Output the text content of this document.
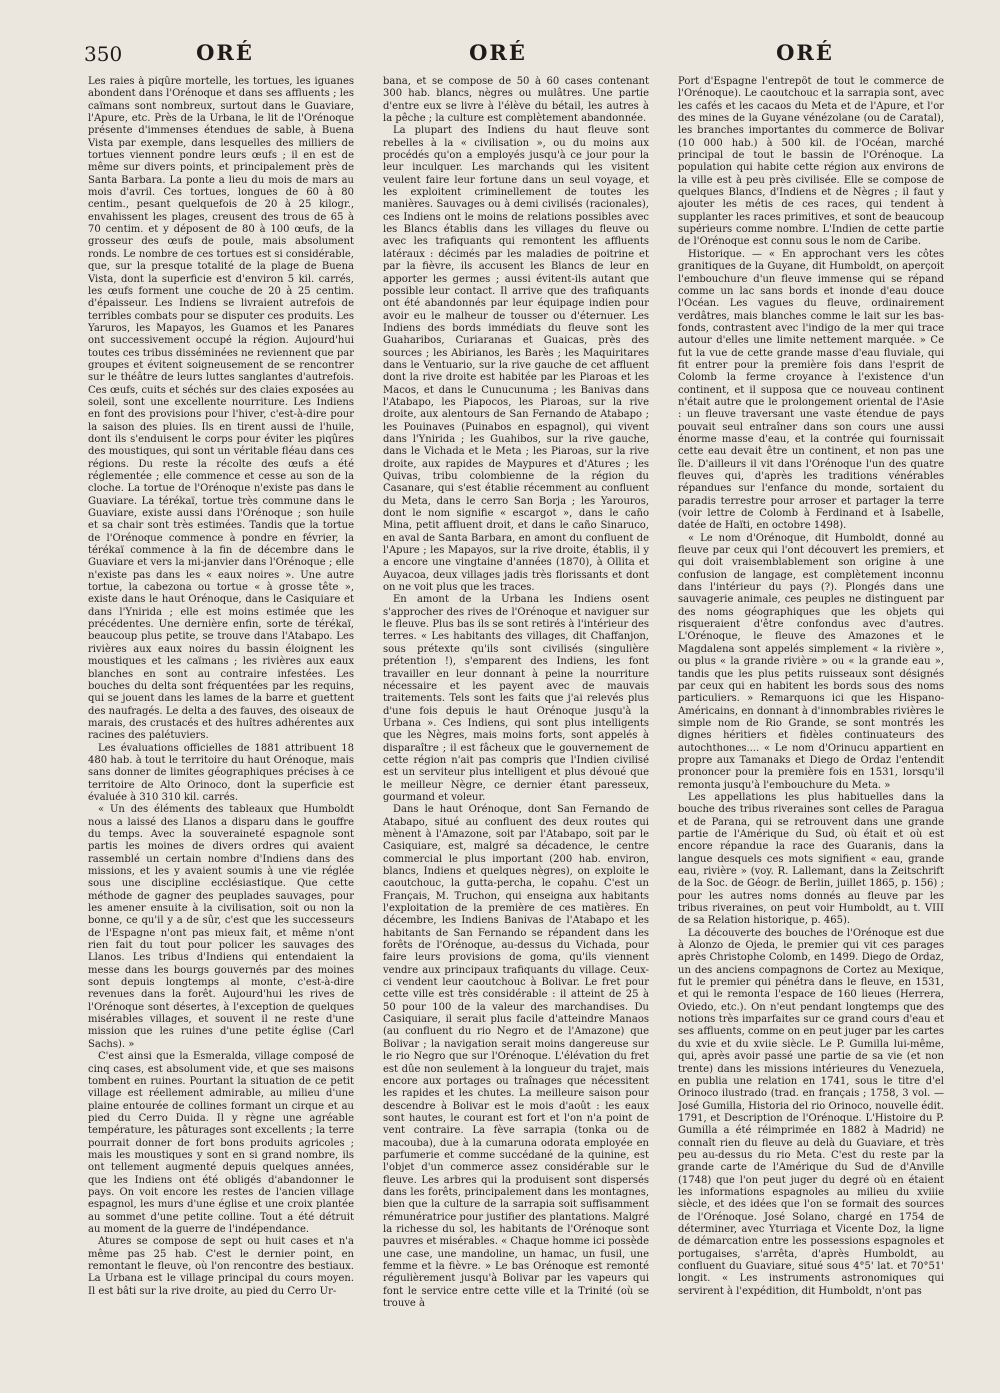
350	ORÉ	ORÉ	ORÉ

Les raies à piqûre mortelle, les tortues, les iguanes abondent dans l'Orénoque et dans ses affluents ; les caïmans sont nombreux, surtout dans le Guaviare, l'Apure, etc. Près de la Urbana, le lit de l'Orénoque présente d'immenses étendues de sable, à Buena Vista par exemple, dans lesquelles des milliers de tortues viennent pondre leurs œufs ; il en est de même sur divers points, et principalement près de Santa Barbara. La ponte a lieu du mois de mars au mois d'avril. Ces tortues, longues de 60 à 80 centim., pesant quelquefois de 20 à 25 kilogr., envahissent les plages, creusent des trous de 65 à 70 centim. et y déposent de 80 à 100 œufs, de la grosseur des œufs de poule, mais absolument ronds. Le nombre de ces tortues est si considérable, que, sur la presque totalité de la plage de Buena Vista, dont la superficie est d'environ 5 kil. carrés, les œufs forment une couche de 20 à 25 centim. d'épaisseur. Les Indiens se livraient autrefois de terribles combats pour se disputer ces produits. Les Yaruros, les Mapayos, les Guamos et les Panares ont successivement occupé la région. Aujourd'hui toutes ces tribus disséminées ne reviennent que par groupes et évitent soigneusement de se rencontrer sur le théâtre de leurs luttes sanglantes d'autrefois. Ces œufs, cuits et séchés sur des claies exposées au soleil, sont une excellente nourriture. Les Indiens en font des provisions pour l'hiver, c'est-à-dire pour la saison des pluies. Ils en tirent aussi de l'huile, dont ils s'enduisent le corps pour éviter les piqûres des moustiques, qui sont un véritable fléau dans ces régions. Du reste la récolte des œufs a été réglementée ; elle commence et cesse au son de la cloche. La tortue de l'Orénoque n'existe pas dans le Guaviare. La térékaï, tortue très commune dans le Guaviare, existe aussi dans l'Orénoque ; son huile et sa chair sont très estimées. Tandis que la tortue de l'Orénoque commence à pondre en février, la térékaï commence à la fin de décembre dans le Guaviare et vers la mi-janvier dans l'Orénoque ; elle n'existe pas dans les « eaux noires ». Une autre tortue, la cabezona ou tortue « à grosse tête », existe dans le haut Orénoque, dans le Casiquiare et dans l'Ynirida ; elle est moins estimée que les précédentes. Une dernière enfin, sorte de térékaï, beaucoup plus petite, se trouve dans l'Atabapo. Les rivières aux eaux noires du bassin éloignent les moustiques et les caïmans ; les rivières aux eaux blanches en sont au contraire infestées. Les bouches du delta sont fréquentées par les requins, qui se jouent dans les lames de la barre et guettent des naufragés. Le delta a des fauves, des oiseaux de marais, des crustacés et des huîtres adhérentes aux racines des palétuviers.

Les évaluations officielles de 1881 attribuent 18 480 hab. à tout le territoire du haut Orénoque, mais sans donner de limites géographiques précises à ce territoire de Alto Orinoco, dont la superficie est évaluée à 310 310 kil. carrés.

« Un des éléments des tableaux que Humboldt nous a laissé des Llanos a disparu dans le gouffre du temps. Avec la souveraineté espagnole sont partis les moines de divers ordres qui avaient rassemblé un certain nombre d'Indiens dans des missions, et les y avaient soumis à une vie réglée sous une discipline ecclésiastique. Que cette méthode de gagner des peuplades sauvages, pour les amener ensuite à la civilisation, soit ou non la bonne, ce qu'il y a de sûr, c'est que les successeurs de l'Espagne n'ont pas mieux fait, et même n'ont rien fait du tout pour policer les sauvages des Llanos. Les tribus d'Indiens qui entendaient la messe dans les bourgs gouvernés par des moines sont depuis longtemps al monte, c'est-à-dire revenues dans la forêt. Aujourd'hui les rives de l'Orénoque sont désertes, à l'exception de quelques misérables villages, et souvent il ne reste d'une mission que les ruines d'une petite église (Carl Sachs). »

C'est ainsi que la Esmeralda, village composé de cinq cases, est absolument vide, et que ses maisons tombent en ruines. Pourtant la situation de ce petit village est réellement admirable, au milieu d'une plaine entourée de collines formant un cirque et au pied du Cerro Duida. Il y règne une agréable température, les pâturages sont excellents ; la terre pourrait donner de fort bons produits agricoles ; mais les moustiques y sont en si grand nombre, ils ont tellement augmenté depuis quelques années, que les Indiens ont été obligés d'abandonner le pays. On voit encore les restes de l'ancien village espagnol, les murs d'une église et une croix plantée au sommet d'une petite colline. Tout a été détruit au moment de la guerre de l'indépendance.

Atures se compose de sept ou huit cases et n'a même pas 25 hab. C'est le dernier point, en remontant le fleuve, où l'on rencontre des bestiaux. La Urbana est le village principal du cours moyen. Il est bâti sur la rive droite, au pied du Cerro Ur-

bana, et se compose de 50 à 60 cases contenant 300 hab. blancs, nègres ou mulâtres. Une partie d'entre eux se livre à l'élève du bétail, les autres à la pêche ; la culture est complètement abandonnée.

La plupart des Indiens du haut fleuve sont rebelles à la « civilisation », ou du moins aux procédés qu'on a employés jusqu'à ce jour pour la leur inculquer. Les marchands qui les visitent veulent faire leur fortune dans un seul voyage, et les exploitent criminellement de toutes les manières. Sauvages ou à demi civilisés (racionales), ces Indiens ont le moins de relations possibles avec les Blancs établis dans les villages du fleuve ou avec les trafiquants qui remontent les affluents latéraux : décimés par les maladies de poitrine et par la fièvre, ils accusent les Blancs de leur en apporter les germes ; aussi évitent-ils autant que possible leur contact. Il arrive que des trafiquants ont été abandonnés par leur équipage indien pour avoir eu le malheur de tousser ou d'éternuer. Les Indiens des bords immédiats du fleuve sont les Guaharibos, Curiaranas et Guaicas, près des sources ; les Abirianos, les Barès ; les Maquiritares dans le Ventuario, sur la rive gauche de cet affluent dont la rive droite est habitée par les Piaroas et les Macos, et dans le Cunucunuma ; les Banivas dans l'Atabapo, les Piapocos, les Piaroas, sur la rive droite, aux alentours de San Fernando de Atabapo ; les Pouinaves (Puinabos en espagnol), qui vivent dans l'Ynirida ; les Guahibos, sur la rive gauche, dans le Vichada et le Meta ; les Piaroas, sur la rive droite, aux rapides de Maypures et d'Atures ; les Quivas, tribu colombienne de la région du Casanare, qui s'est établie récemment au confluent du Meta, dans le cerro San Borja ; les Yarouros, dont le nom signifie « escargot », dans le caño Mina, petit affluent droit, et dans le caño Sinaruco, en aval de Santa Barbara, en amont du confluent de l'Apure ; les Mapayos, sur la rive droite, établis, il y a encore une vingtaine d'années (1870), à Ollita et Auyacoa, deux villages jadis très florissants et dont on ne voit plus que les traces.

En amont de la Urbana les Indiens osent s'approcher des rives de l'Orénoque et naviguer sur le fleuve. Plus bas ils se sont retirés à l'intérieur des terres. « Les habitants des villages, dit Chaffanjon, sous prétexte qu'ils sont civilisés (singulière prétention !), s'emparent des Indiens, les font travailler en leur donnant à peine la nourriture nécessaire et les payent avec de mauvais traitements. Tels sont les faits que j'ai relevés plus d'une fois depuis le haut Orénoque jusqu'à la Urbana ». Ces Indiens, qui sont plus intelligents que les Nègres, mais moins forts, sont appelés à disparaître ; il est fâcheux que le gouvernement de cette région n'ait pas compris que l'Indien civilisé est un serviteur plus intelligent et plus dévoué que le meilleur Nègre, ce dernier étant paresseux, gourmand et voleur.

Dans le haut Orénoque, dont San Fernando de Atabapo, situé au confluent des deux routes qui mènent à l'Amazone, soit par l'Atabapo, soit par le Casiquiare, est, malgré sa décadence, le centre commercial le plus important (200 hab. environ, blancs, Indiens et quelques nègres), on exploite le caoutchouc, la gutta-percha, le copahu. C'est un Français, M. Truchon, qui enseigna aux habitants l'exploitation de la première de ces matières. En décembre, les Indiens Banivas de l'Atabapo et les habitants de San Fernando se répandent dans les forêts de l'Orénoque, au-dessus du Vichada, pour faire leurs provisions de goma, qu'ils viennent vendre aux principaux trafiquants du village. Ceux-ci vendent leur caoutchouc à Bolivar. Le fret pour cette ville est très considérable : il atteint de 25 à 50 pour 100 de la valeur des marchandises. Du Casiquiare, il serait plus facile d'atteindre Manaos (au confluent du rio Negro et de l'Amazone) que Bolivar ; la navigation serait moins dangereuse sur le rio Negro que sur l'Orénoque. L'élévation du fret est dûe non seulement à la longueur du trajet, mais encore aux portages ou traînages que nécessitent les rapides et les chutes. La meilleure saison pour descendre à Bolivar est le mois d'août : les eaux sont hautes, le courant est fort et l'on n'a point de vent contraire. La fève sarrapia (tonka ou de macouba), due à la cumaruna odorata employée en parfumerie et comme succédané de la quinine, est l'objet d'un commerce assez considérable sur le fleuve. Les arbres qui la produisent sont dispersés dans les forêts, principalement dans les montagnes, bien que la culture de la sarrapia soit suffisamment rémunératrice pour justifier des plantations. Malgré la richesse du sol, les habitants de l'Orénoque sont pauvres et misérables. « Chaque homme ici possède une case, une mandoline, un hamac, un fusil, une femme et la fièvre. » Le bas Orénoque est remonté régulièrement jusqu'à Bolivar par les vapeurs qui font le service entre cette ville et la Trinité (où se trouve à

Port d'Espagne l'entrepôt de tout le commerce de l'Orénoque). Le caoutchouc et la sarrapia sont, avec les cafés et les cacaos du Meta et de l'Apure, et l'or des mines de la Guyane vénézolane (ou de Caratal), les branches importantes du commerce de Bolivar (10 000 hab.) à 500 kil. de l'Océan, marché principal de tout le bassin de l'Orénoque. La population qui habite cette région aux environs de la ville est à peu près civilisée. Elle se compose de quelques Blancs, d'Indiens et de Nègres ; il faut y ajouter les métis de ces races, qui tendent à supplanter les races primitives, et sont de beaucoup supérieurs comme nombre. L'Indien de cette partie de l'Orénoque est connu sous le nom de Caribe.

Historique. — « En approchant vers les côtes granitiques de la Guyane, dit Humboldt, on aperçoit l'embouchure d'un fleuve immense qui se répand comme un lac sans bords et inonde d'eau douce l'Océan. Les vagues du fleuve, ordinairement verdâtres, mais blanches comme le lait sur les bas-fonds, contrastent avec l'indigo de la mer qui trace autour d'elles une limite nettement marquée. » Ce fut la vue de cette grande masse d'eau fluviale, qui fit entrer pour la première fois dans l'esprit de Colomb la ferme croyance à l'existence d'un continent, et il supposa que ce nouveau continent n'était autre que le prolongement oriental de l'Asie : un fleuve traversant une vaste étendue de pays pouvait seul entraîner dans son cours une aussi énorme masse d'eau, et la contrée qui fournissait cette eau devait être un continent, et non pas une île. D'ailleurs il vit dans l'Orénoque l'un des quatre fleuves qui, d'après les traditions vénérables répandues sur l'enfance du monde, sortaient du paradis terrestre pour arroser et partager la terre (voir lettre de Colomb à Ferdinand et à Isabelle, datée de Haïti, en octobre 1498).

« Le nom d'Orénoque, dit Humboldt, donné au fleuve par ceux qui l'ont découvert les premiers, et qui doit vraisemblablement son origine à une confusion de langage, est complètement inconnu dans l'intérieur du pays (?). Plongés dans une sauvagerie animale, ces peuples ne distinguent par des noms géographiques que les objets qui risqueraient d'être confondus avec d'autres. L'Orénoque, le fleuve des Amazones et le Magdalena sont appelés simplement « la rivière », ou plus « la grande rivière » ou « la grande eau », tandis que les plus petits ruisseaux sont désignés par ceux qui en habitent les bords sous des noms particuliers. » Remarquons ici que les Hispano-Américains, en donnant à d'innombrables rivières le simple nom de Rio Grande, se sont montrés les dignes héritiers et fidèles continuateurs des autochthones.... « Le nom d'Orinucu appartient en propre aux Tamanaks et Diego de Ordaz l'entendit prononcer pour la première fois en 1531, lorsqu'il remonta jusqu'à l'embouchure du Meta. »

Les appellations les plus habituelles dans la bouche des tribus riveraines sont celles de Paragua et de Parana, qui se retrouvent dans une grande partie de l'Amérique du Sud, où était et où est encore répandue la race des Guaranis, dans la langue desquels ces mots signifient « eau, grande eau, rivière » (voy. R. Lallemant, dans la Zeitschrift de la Soc. de Géogr. de Berlin, juillet 1865, p. 156) ; pour les autres noms donnés au fleuve par les tribus riveraines, on peut voir Humboldt, au t. VIII de sa Relation historique, p. 465).

La découverte des bouches de l'Orénoque est due à Alonzo de Ojeda, le premier qui vit ces parages après Christophe Colomb, en 1499. Diego de Ordaz, un des anciens compagnons de Cortez au Mexique, fut le premier qui pénétra dans le fleuve, en 1531, et qui le remonta l'espace de 160 lieues (Herrera, Oviedo, etc.). On n'eut pendant longtemps que des notions très imparfaites sur ce grand cours d'eau et ses affluents, comme on en peut juger par les cartes du xvie et du xviie siècle. Le P. Gumilla lui-même, qui, après avoir passé une partie de sa vie (et non trente) dans les missions intérieures du Venezuela, en publia une relation en 1741, sous le titre d'el Orinoco ilustrado (trad. en français ; 1758, 3 vol. — José Gumilla, Historia del rio Orinoco, nouvelle édit. 1791, et Description de l'Orénoque. L'Histoire du P. Gumilla a été réimprimée en 1882 à Madrid) ne connaît rien du fleuve au delà du Guaviare, et très peu au-dessus du rio Meta. C'est du reste par la grande carte de l'Amérique du Sud de d'Anville (1748) que l'on peut juger du degré où en étaient les informations espagnoles au milieu du xviiie siècle, et des idées que l'on se formait des sources de l'Orénoque. José Solano, chargé en 1754 de déterminer, avec Yturriaga et Vicente Doz, la ligne de démarcation entre les possessions espagnoles et portugaises, s'arrêta, d'après Humboldt, au confluent du Guaviare, situé sous 4°5' lat. et 70°51' longit. « Les instruments astronomiques qui servirent à l'expédition, dit Humboldt, n'ont pas
